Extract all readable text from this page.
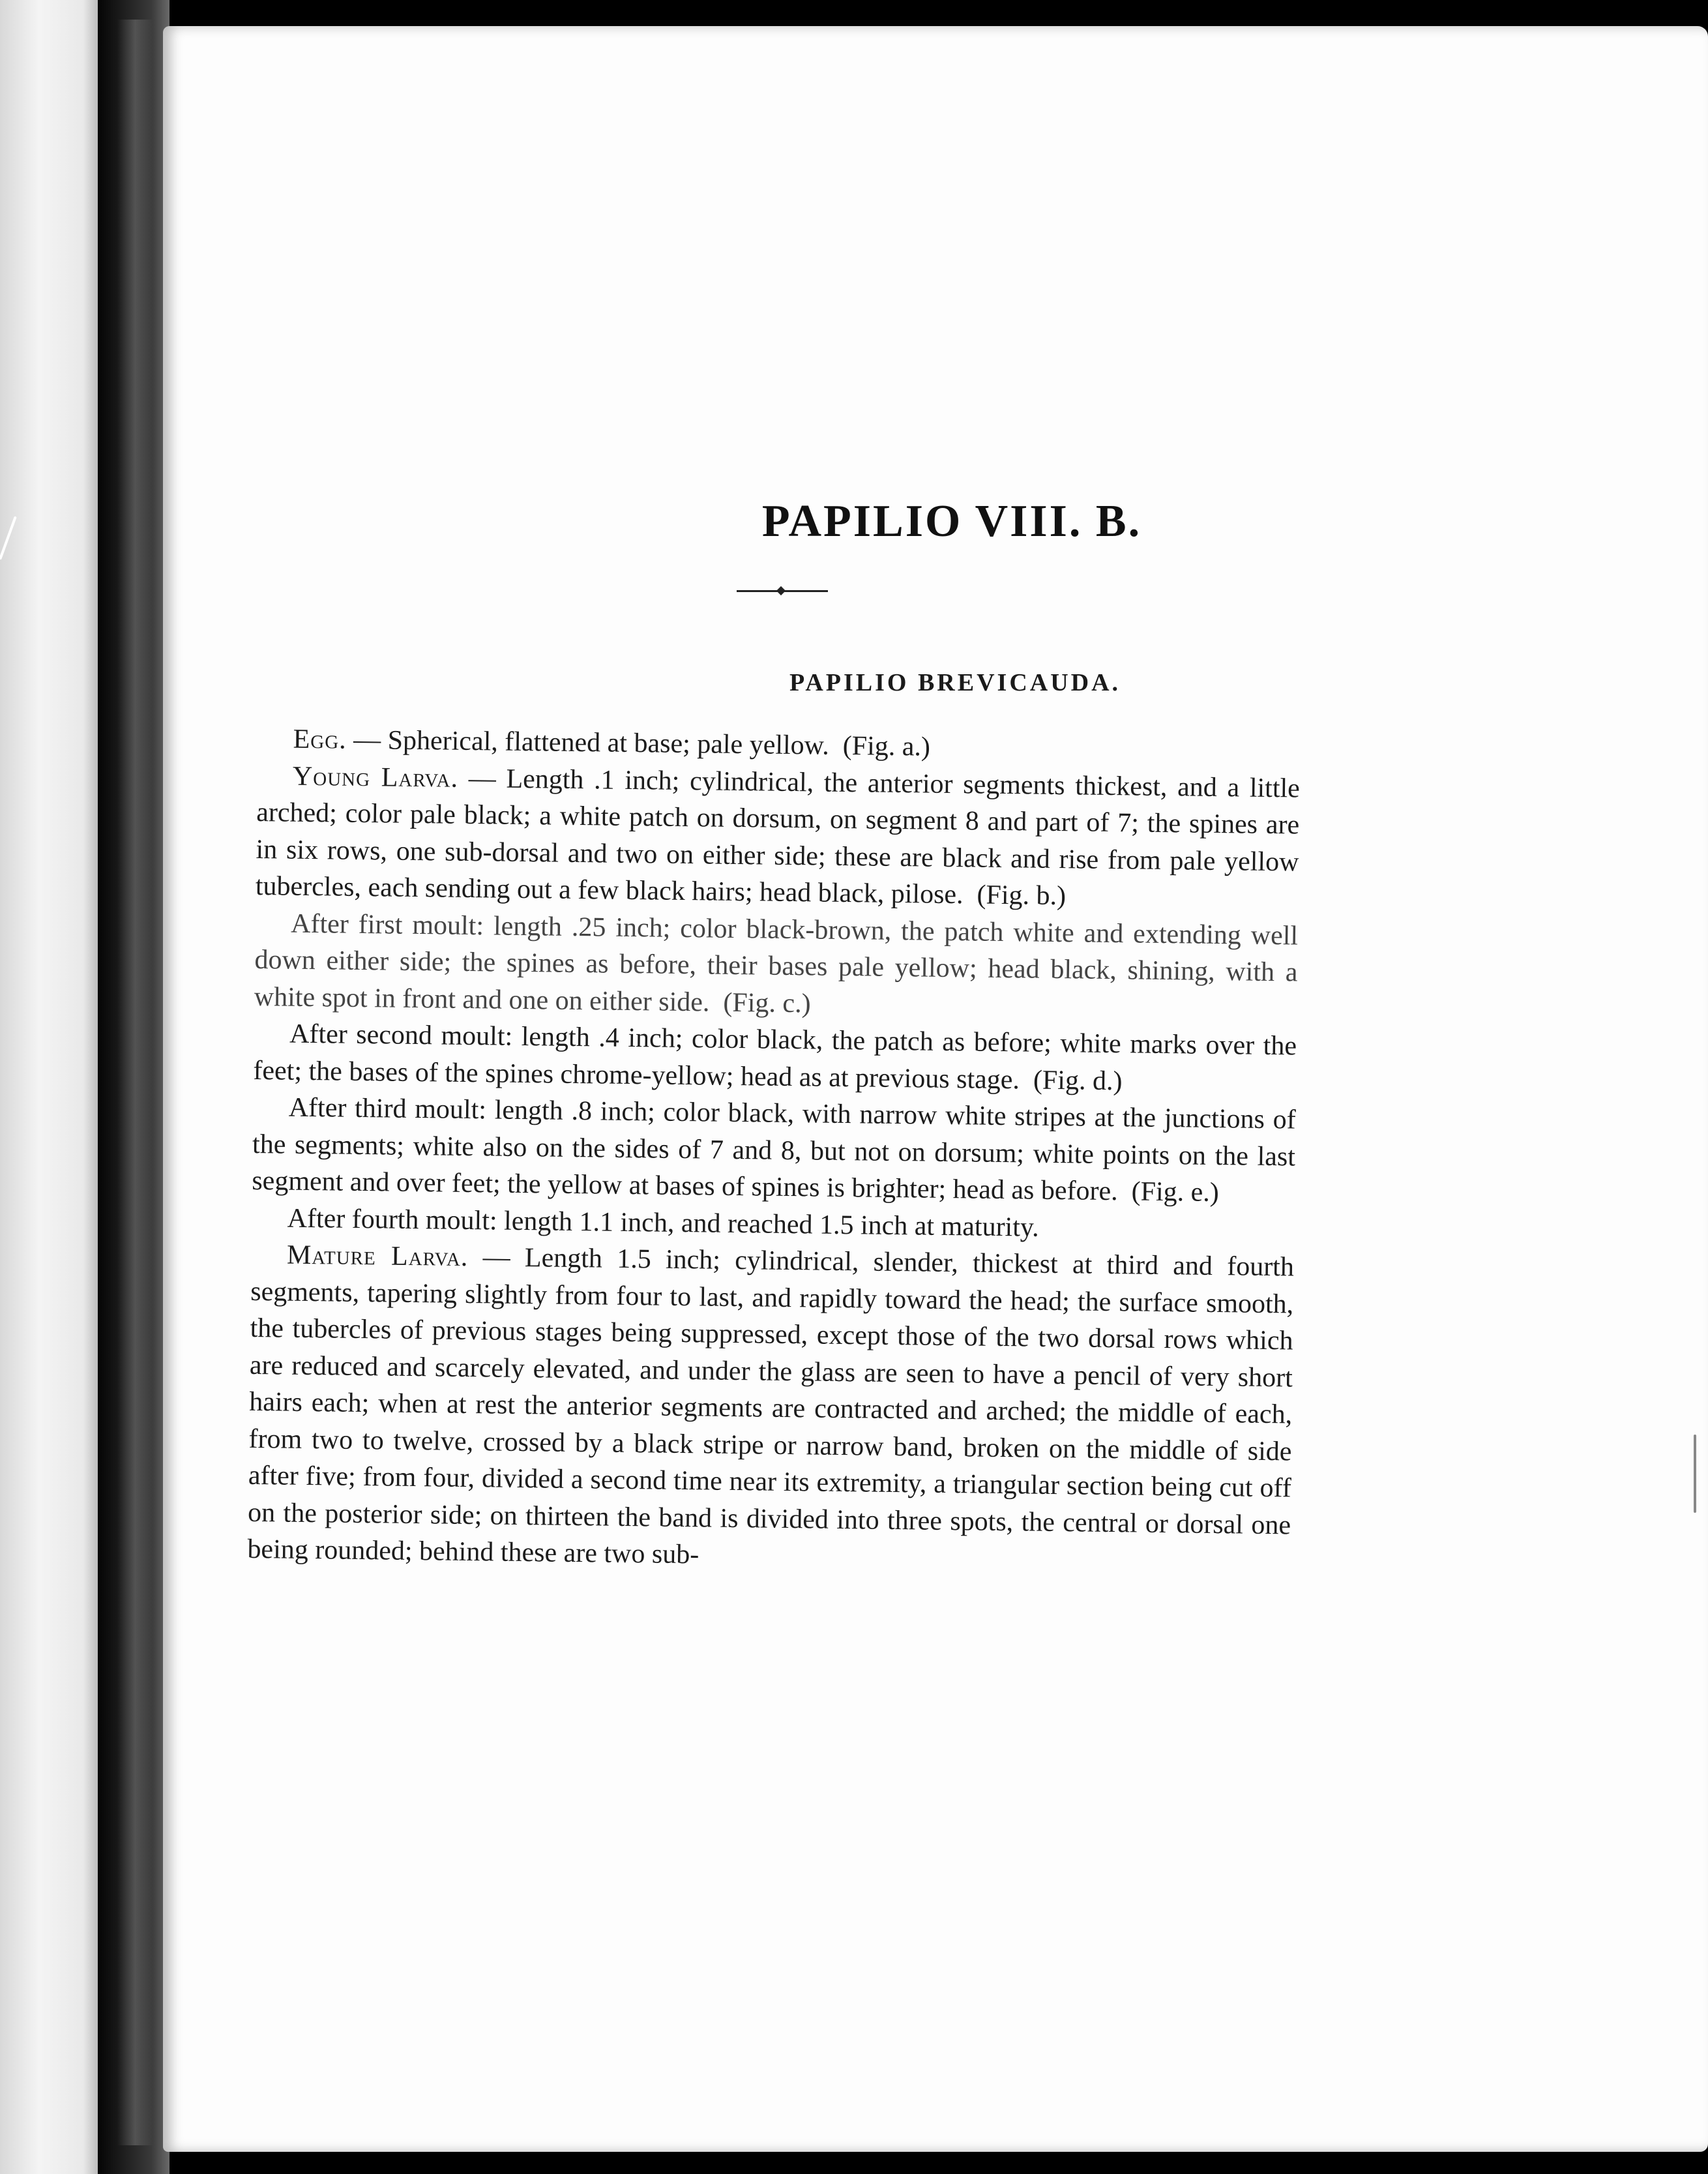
PAPILIO VIII. B.
PAPILIO BREVICAUDA.

Egg. — Spherical, flattened at base; pale yellow. (Fig. a.)

Young Larva. — Length .1 inch; cylindrical, the anterior segments thickest, and a little arched; color pale black; a white patch on dorsum, on segment 8 and part of 7; the spines are in six rows, one sub-dorsal and two on either side; these are black and rise from pale yellow tubercles, each sending out a few black hairs; head black, pilose. (Fig. b.)

After first moult: length .25 inch; color black-brown, the patch white and extending well down either side; the spines as before, their bases pale yellow; head black, shining, with a white spot in front and one on either side. (Fig. c.)

After second moult: length .4 inch; color black, the patch as before; white marks over the feet; the bases of the spines chrome-yellow; head as at previous stage. (Fig. d.)

After third moult: length .8 inch; color black, with narrow white stripes at the junctions of the segments; white also on the sides of 7 and 8, but not on dorsum; white points on the last segment and over feet; the yellow at bases of spines is brighter; head as before. (Fig. e.)

After fourth moult: length 1.1 inch, and reached 1.5 inch at maturity.

Mature Larva. — Length 1.5 inch; cylindrical, slender, thickest at third and fourth segments, tapering slightly from four to last, and rapidly toward the head; the surface smooth, the tubercles of previous stages being suppressed, except those of the two dorsal rows which are reduced and scarcely elevated, and under the glass are seen to have a pencil of very short hairs each; when at rest the anterior segments are contracted and arched; the middle of each, from two to twelve, crossed by a black stripe or narrow band, broken on the middle of side after five; from four, divided a second time near its extremity, a triangular section being cut off on the posterior side; on thirteen the band is divided into three spots, the central or dorsal one being rounded; behind these are two sub-
